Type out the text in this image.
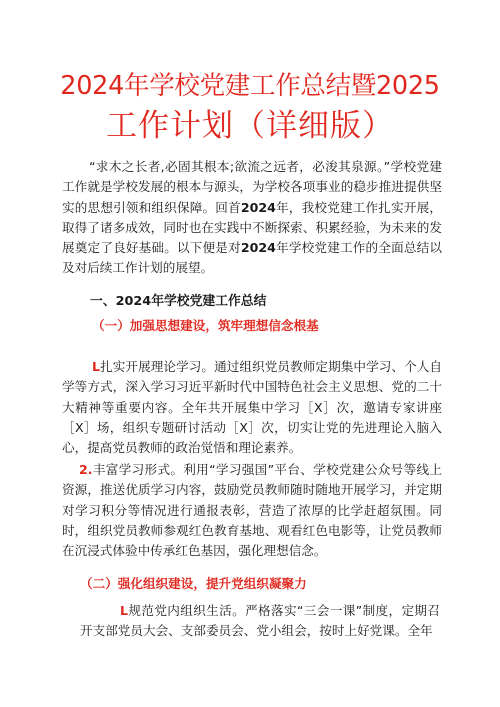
2024年学校党建工作总结暨2025
工作计划（详细版）

“求木之长者,必固其根本;欲流之远者，必浚其泉源。”学校党建工作就是学校发展的根本与源头，为学校各项事业的稳步推进提供坚实的思想引领和组织保障。回首2024年，我校党建工作扎实开展，取得了诸多成效，同时也在实践中不断探索、积累经验，为未来的发展奠定了良好基础。以下便是对2024年学校党建工作的全面总结以及对后续工作计划的展望。

一、2024年学校党建工作总结
（一）加强思想建设，筑牢理想信念根基

L扎实开展理论学习。通过组织党员教师定期集中学习、个人自学等方式，深入学习习近平新时代中国特色社会主义思想、党的二十大精神等重要内容。全年共开展集中学习［X］次，邀请专家讲座［X］场，组织专题研讨活动［X］次，切实让党的先进理论入脑入心，提高党员教师的政治觉悟和理论素养。

2.丰富学习形式。利用“学习强国”平台、学校党建公众号等线上资源，推送优质学习内容，鼓励党员教师随时随地开展学习，并定期对学习积分等情况进行通报表彰，营造了浓厚的比学赶超氛围。同时，组织党员教师参观红色教育基地、观看红色电影等，让党员教师在沉浸式体验中传承红色基因，强化理想信念。

（二）强化组织建设，提升党组织凝聚力

L规范党内组织生活。严格落实“三会一课”制度，定期召开支部党员大会、支部委员会、党小组会，按时上好党课。全年
